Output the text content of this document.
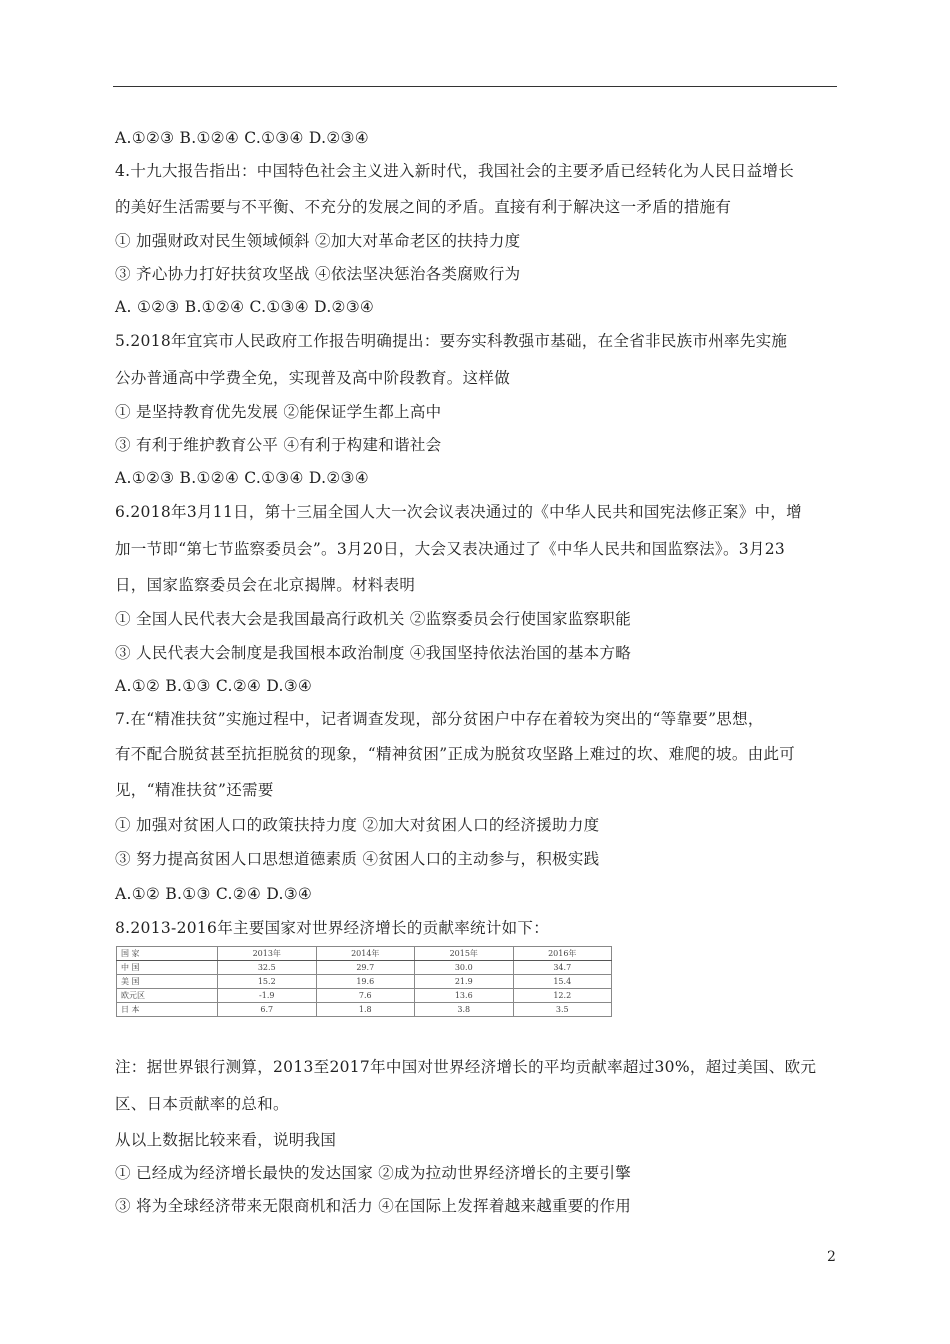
A.①②③ B.①②④ C.①③④ D.②③④
4.十九大报告指出：中国特色社会主义进入新时代，我国社会的主要矛盾已经转化为人民日益增长
的美好生活需要与不平衡、不充分的发展之间的矛盾。直接有利于解决这一矛盾的措施有
① 加强财政对民生领域倾斜 ②加大对革命老区的扶持力度
③ 齐心协力打好扶贫攻坚战 ④依法坚决惩治各类腐败行为
A. ①②③ B.①②④ C.①③④ D.②③④
5.2018年宜宾市人民政府工作报告明确提出：要夯实科教强市基础，在全省非民族市州率先实施
公办普通高中学费全免，实现普及高中阶段教育。这样做
① 是坚持教育优先发展 ②能保证学生都上高中
③ 有利于维护教育公平 ④有利于构建和谐社会
A.①②③ B.①②④ C.①③④ D.②③④
6.2018年3月11日，第十三届全国人大一次会议表决通过的《中华人民共和国宪法修正案》中，增
加一节即“第七节监察委员会”。3月20日，大会又表决通过了《中华人民共和国监察法》。3月23
日，国家监察委员会在北京揭牌。材料表明
① 全国人民代表大会是我国最高行政机关 ②监察委员会行使国家监察职能
③ 人民代表大会制度是我国根本政治制度 ④我国坚持依法治国的基本方略
A.①② B.①③ C.②④ D.③④
7.在“精准扶贫”实施过程中，记者调查发现，部分贫困户中存在着较为突出的“等靠要”思想，
有不配合脱贫甚至抗拒脱贫的现象，“精神贫困”正成为脱贫攻坚路上难过的坎、难爬的坡。由此可
见，“精准扶贫”还需要
① 加强对贫困人口的政策扶持力度 ②加大对贫困人口的经济援助力度
③ 努力提高贫困人口思想道德素质 ④贫困人口的主动参与，积极实践
A.①② B.①③ C.②④ D.③④
8.2013-2016年主要国家对世界经济增长的贡献率统计如下：
注：据世界银行测算，2013至2017年中国对世界经济增长的平均贡献率超过30%，超过美国、欧元
区、日本贡献率的总和。
从以上数据比较来看，说明我国
① 已经成为经济增长最快的发达国家 ②成为拉动世界经济增长的主要引擎
③ 将为全球经济带来无限商机和活力 ④在国际上发挥着越来越重要的作用
国 家	2013年	2014年	2015年	2016年
中 国	32.5	29.7	30.0	34.7
美 国	15.2	19.6	21.9	15.4
欧元区	-1.9	7.6	13.6	12.2
日 本	6.7	1.8	3.8	3.5
2
